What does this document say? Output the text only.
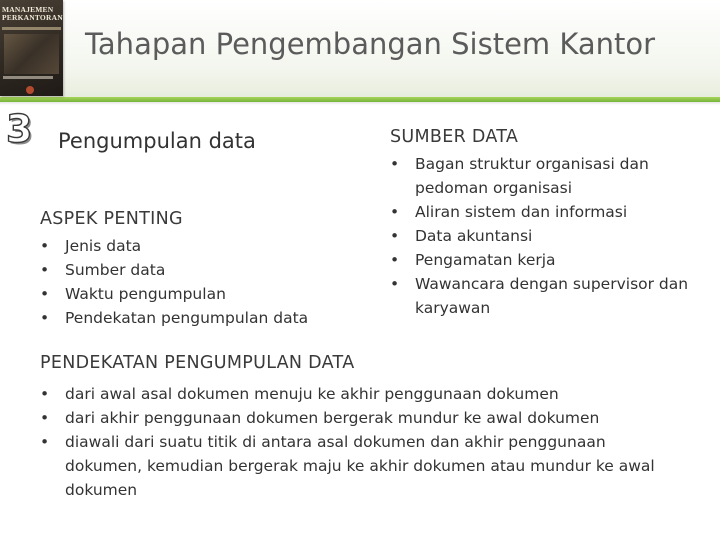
MANAJEMEN PERKANTORAN
Tahapan Pengembangan Sistem Kantor
3 Pengumpulan data
ASPEK PENTING
•	Jenis data
•	Sumber data
•	Waktu pengumpulan
•	Pendekatan pengumpulan data
SUMBER DATA
•	Bagan struktur organisasi dan pedoman organisasi
•	Aliran sistem dan informasi
•	Data akuntansi
•	Pengamatan kerja
•	Wawancara dengan supervisor dan karyawan
PENDEKATAN PENGUMPULAN DATA
•	dari awal asal dokumen menuju ke akhir penggunaan dokumen
•	dari akhir penggunaan dokumen bergerak mundur ke awal dokumen
•	diawali dari suatu titik di antara asal dokumen dan akhir penggunaan dokumen, kemudian bergerak maju ke akhir dokumen atau mundur ke awal dokumen
